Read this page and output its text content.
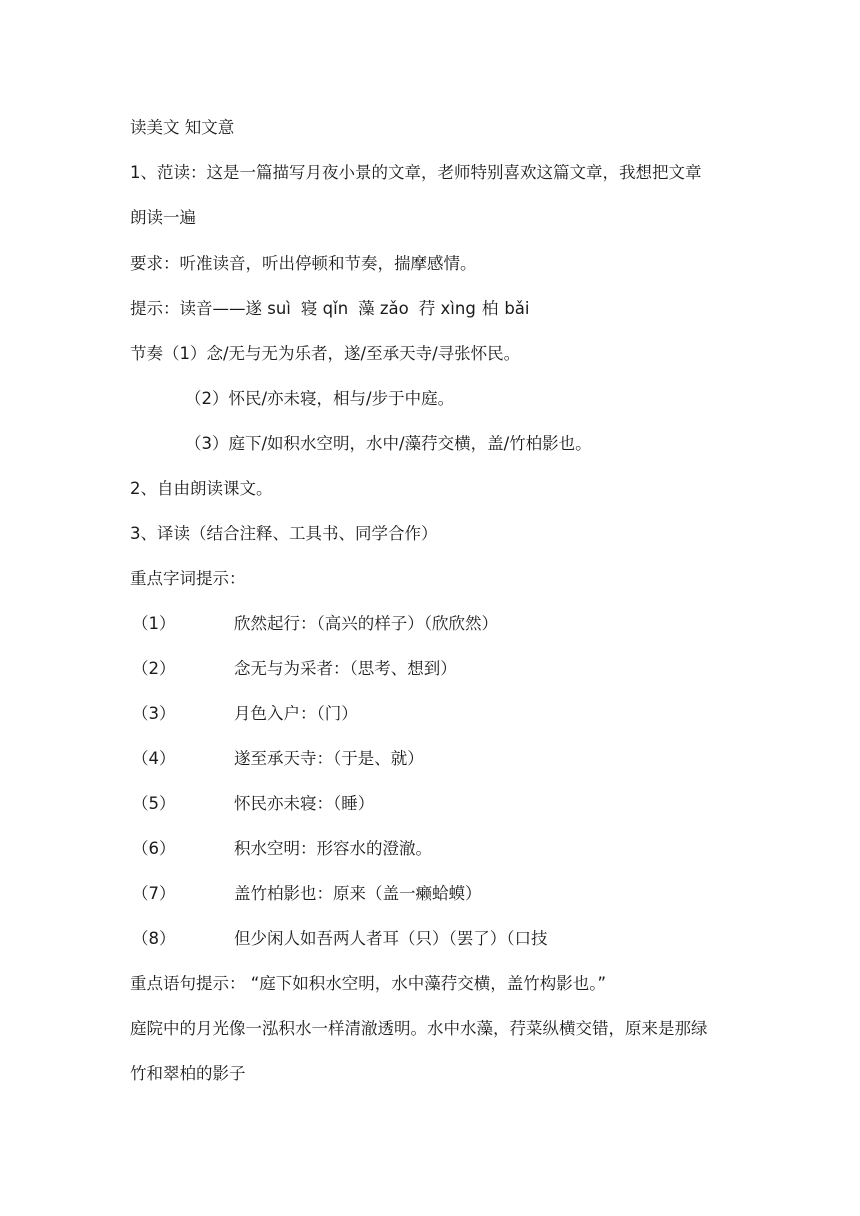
读美文 知文意

1、范读：这是一篇描写月夜小景的文章，老师特别喜欢这篇文章，我想把文章

朗读一遍

要求：听准读音，听出停顿和节奏，揣摩感情。

提示：读音——遂 suì 寝 qǐn 藻 zǎo 荇 xìng 柏 bǎi

节奏（1）念/无与无为乐者，遂/至承天寺/寻张怀民。

（2）怀民/亦未寝，相与/步于中庭。

（3）庭下/如积水空明，水中/藻荇交横，盖/竹柏影也。

2、自由朗读课文。

3、译读（结合注释、工具书、同学合作）

重点字词提示：

（1）	欣然起行：（高兴的样子）（欣欣然）
（2）	念无与为采者：（思考、想到）
（3）	月色入户：（门）
（4）	遂至承天寺：（于是、就）
（5）	怀民亦未寝：（睡）
（6）	积水空明：形容水的澄澈。
（7）	盖竹柏影也：原来（盖一癞蛤蟆）
（8）	但少闲人如吾两人者耳（只）（罢了）（口技

重点语句提示： “庭下如积水空明，水中藻荇交横，盖竹构影也。”

庭院中的月光像一泓积水一样清澈透明。水中水藻，荇菜纵横交错，原来是那绿

竹和翠柏的影子
